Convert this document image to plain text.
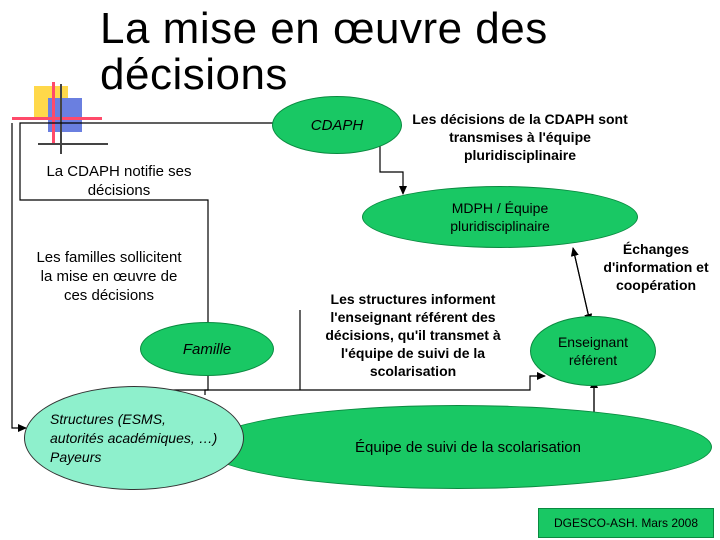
La mise en œuvre des
décisions
CDAPH	Les décisions de la CDAPH sont transmises à l'équipe pluridisciplinaire
La CDAPH notifie ses décisions
MDPH / Équipe pluridisciplinaire
Les familles sollicitent la mise en œuvre de ces décisions
Échanges d'information et coopération
Les structures informent l'enseignant référent des décisions, qu'il transmet à l'équipe de suivi de la scolarisation
Famille	Enseignant référent
Équipe de suivi de la scolarisation
Structures (ESMS, autorités académiques, …) Payeurs
DGESCO-ASH. Mars 2008
